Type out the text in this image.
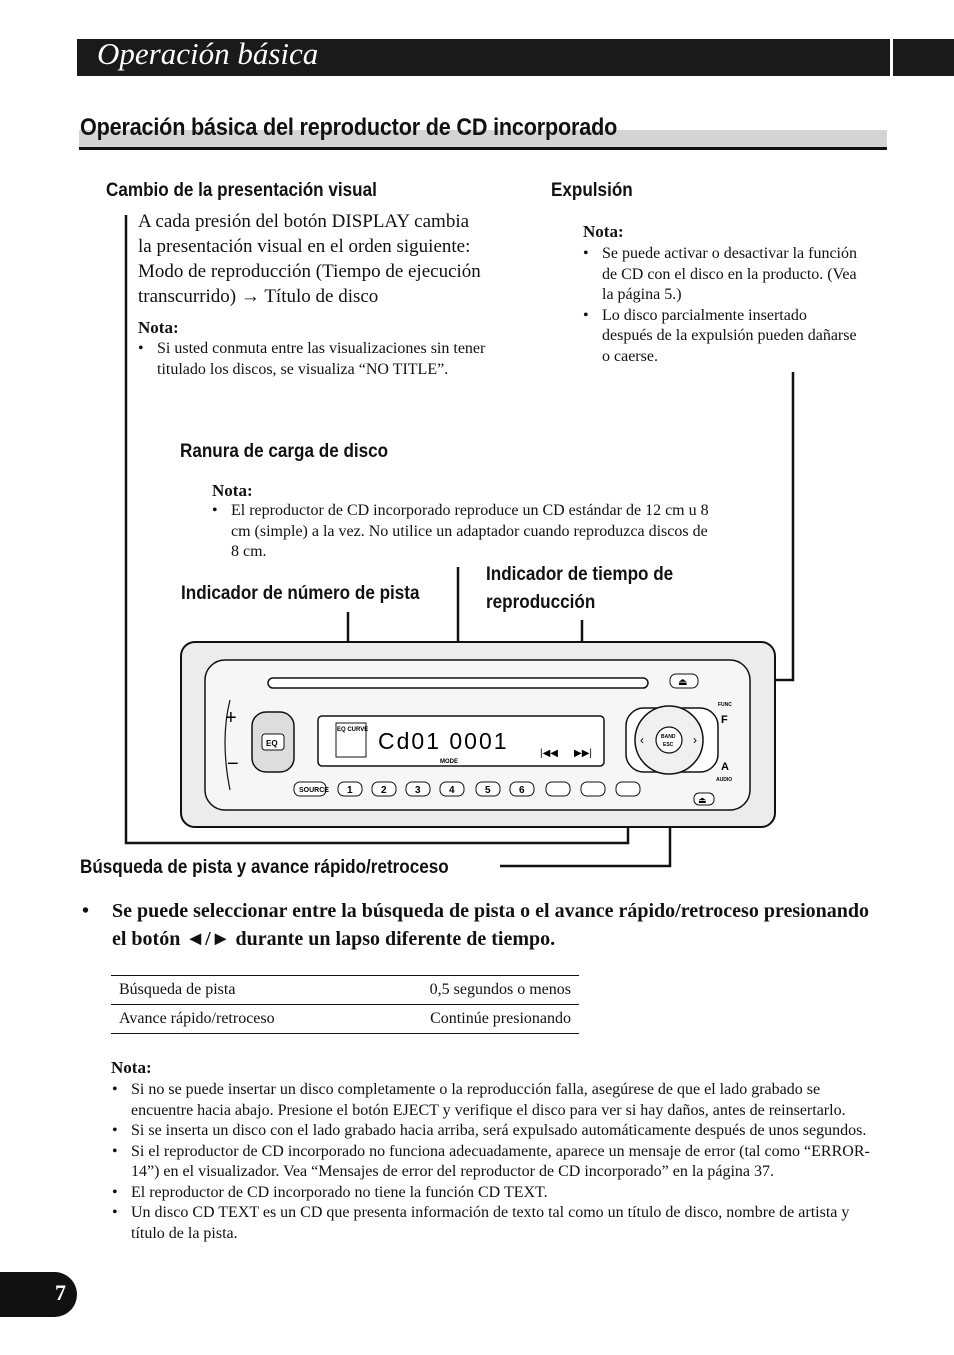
Operación básica
Operación básica del reproductor de CD incorporado
Cambio de la presentación visual
A cada presión del botón DISPLAY cambia
la presentación visual en el orden siguiente:
Modo de reproducción (Tiempo de ejecución
transcurrido) → Título de disco
Nota:
• Si usted conmuta entre las visualizaciones sin tener titulado los discos, se visualiza “NO TITLE”.
Expulsión
Nota:
• Se puede activar o desactivar la función de CD con el disco en la producto. (Vea la página 5.)
• Lo disco parcialmente insertado después de la expulsión pueden dañarse o caerse.
Ranura de carga de disco
Nota:
• El reproductor de CD incorporado reproduce un CD estándar de 12 cm u 8 cm (simple) a la vez. No utilice un adaptador cuando reproduzca discos de 8 cm.
Indicador de número de pista
Indicador de tiempo de
reproducción
+
−
EQ
EQ CURVE Cd01 0001
MODE
|◀◀ ▶▶|
SOURCE 1	2	3	4	5	6
BAND
ESC
‹	›
⏏
FUNC
F
A
AUDIO
⏏
Búsqueda de pista y avance rápido/retroceso
• Se puede seleccionar entre la búsqueda de pista o el avance rápido/retroceso presionando el botón ◄/► durante un lapso diferente de tiempo.
Búsqueda de pista	0,5 segundos o menos
Avance rápido/retroceso	Continúe presionando
Nota:
• Si no se puede insertar un disco completamente o la reproducción falla, asegúrese de que el lado grabado se encuentre hacia abajo. Presione el botón EJECT y verifique el disco para ver si hay daños, antes de reinsertarlo.
• Si se inserta un disco con el lado grabado hacia arriba, será expulsado automáticamente después de unos segundos.
• Si el reproductor de CD incorporado no funciona adecuadamente, aparece un mensaje de error (tal como “ERROR-14”) en el visualizador. Vea “Mensajes de error del reproductor de CD incorporado” en la página 37.
• El reproductor de CD incorporado no tiene la función CD TEXT.
• Un disco CD TEXT es un CD que presenta información de texto tal como un título de disco, nombre de artista y título de la pista.
7
